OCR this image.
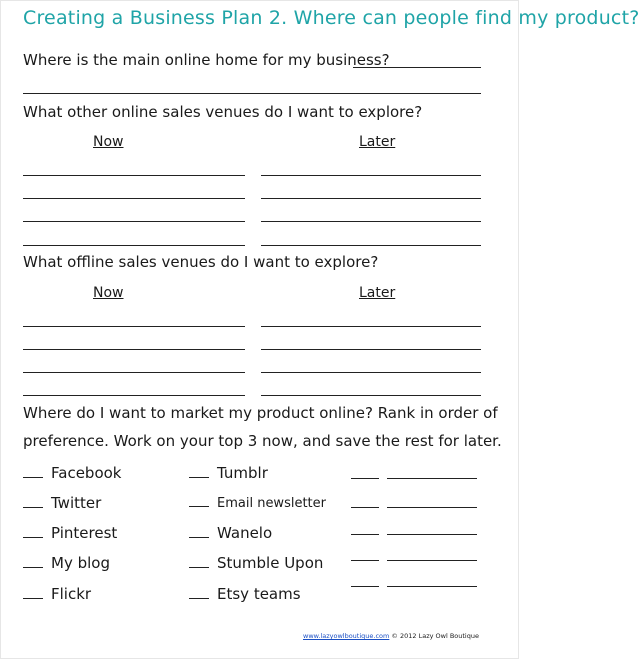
Creating a Business Plan 2. Where can people find my product?
Where is the main online home for my business?
What other online sales venues do I want to explore?
Now	Later
What offline sales venues do I want to explore?
Now	Later
Where do I want to market my product online? Rank in order of
preference. Work on your top 3 now, and save the rest for later.
Facebook
Twitter
Pinterest
My blog
Flickr
Tumblr
Email newsletter
Wanelo
Stumble Upon
Etsy teams
www.lazyowlboutique.com © 2012 Lazy Owl Boutique
